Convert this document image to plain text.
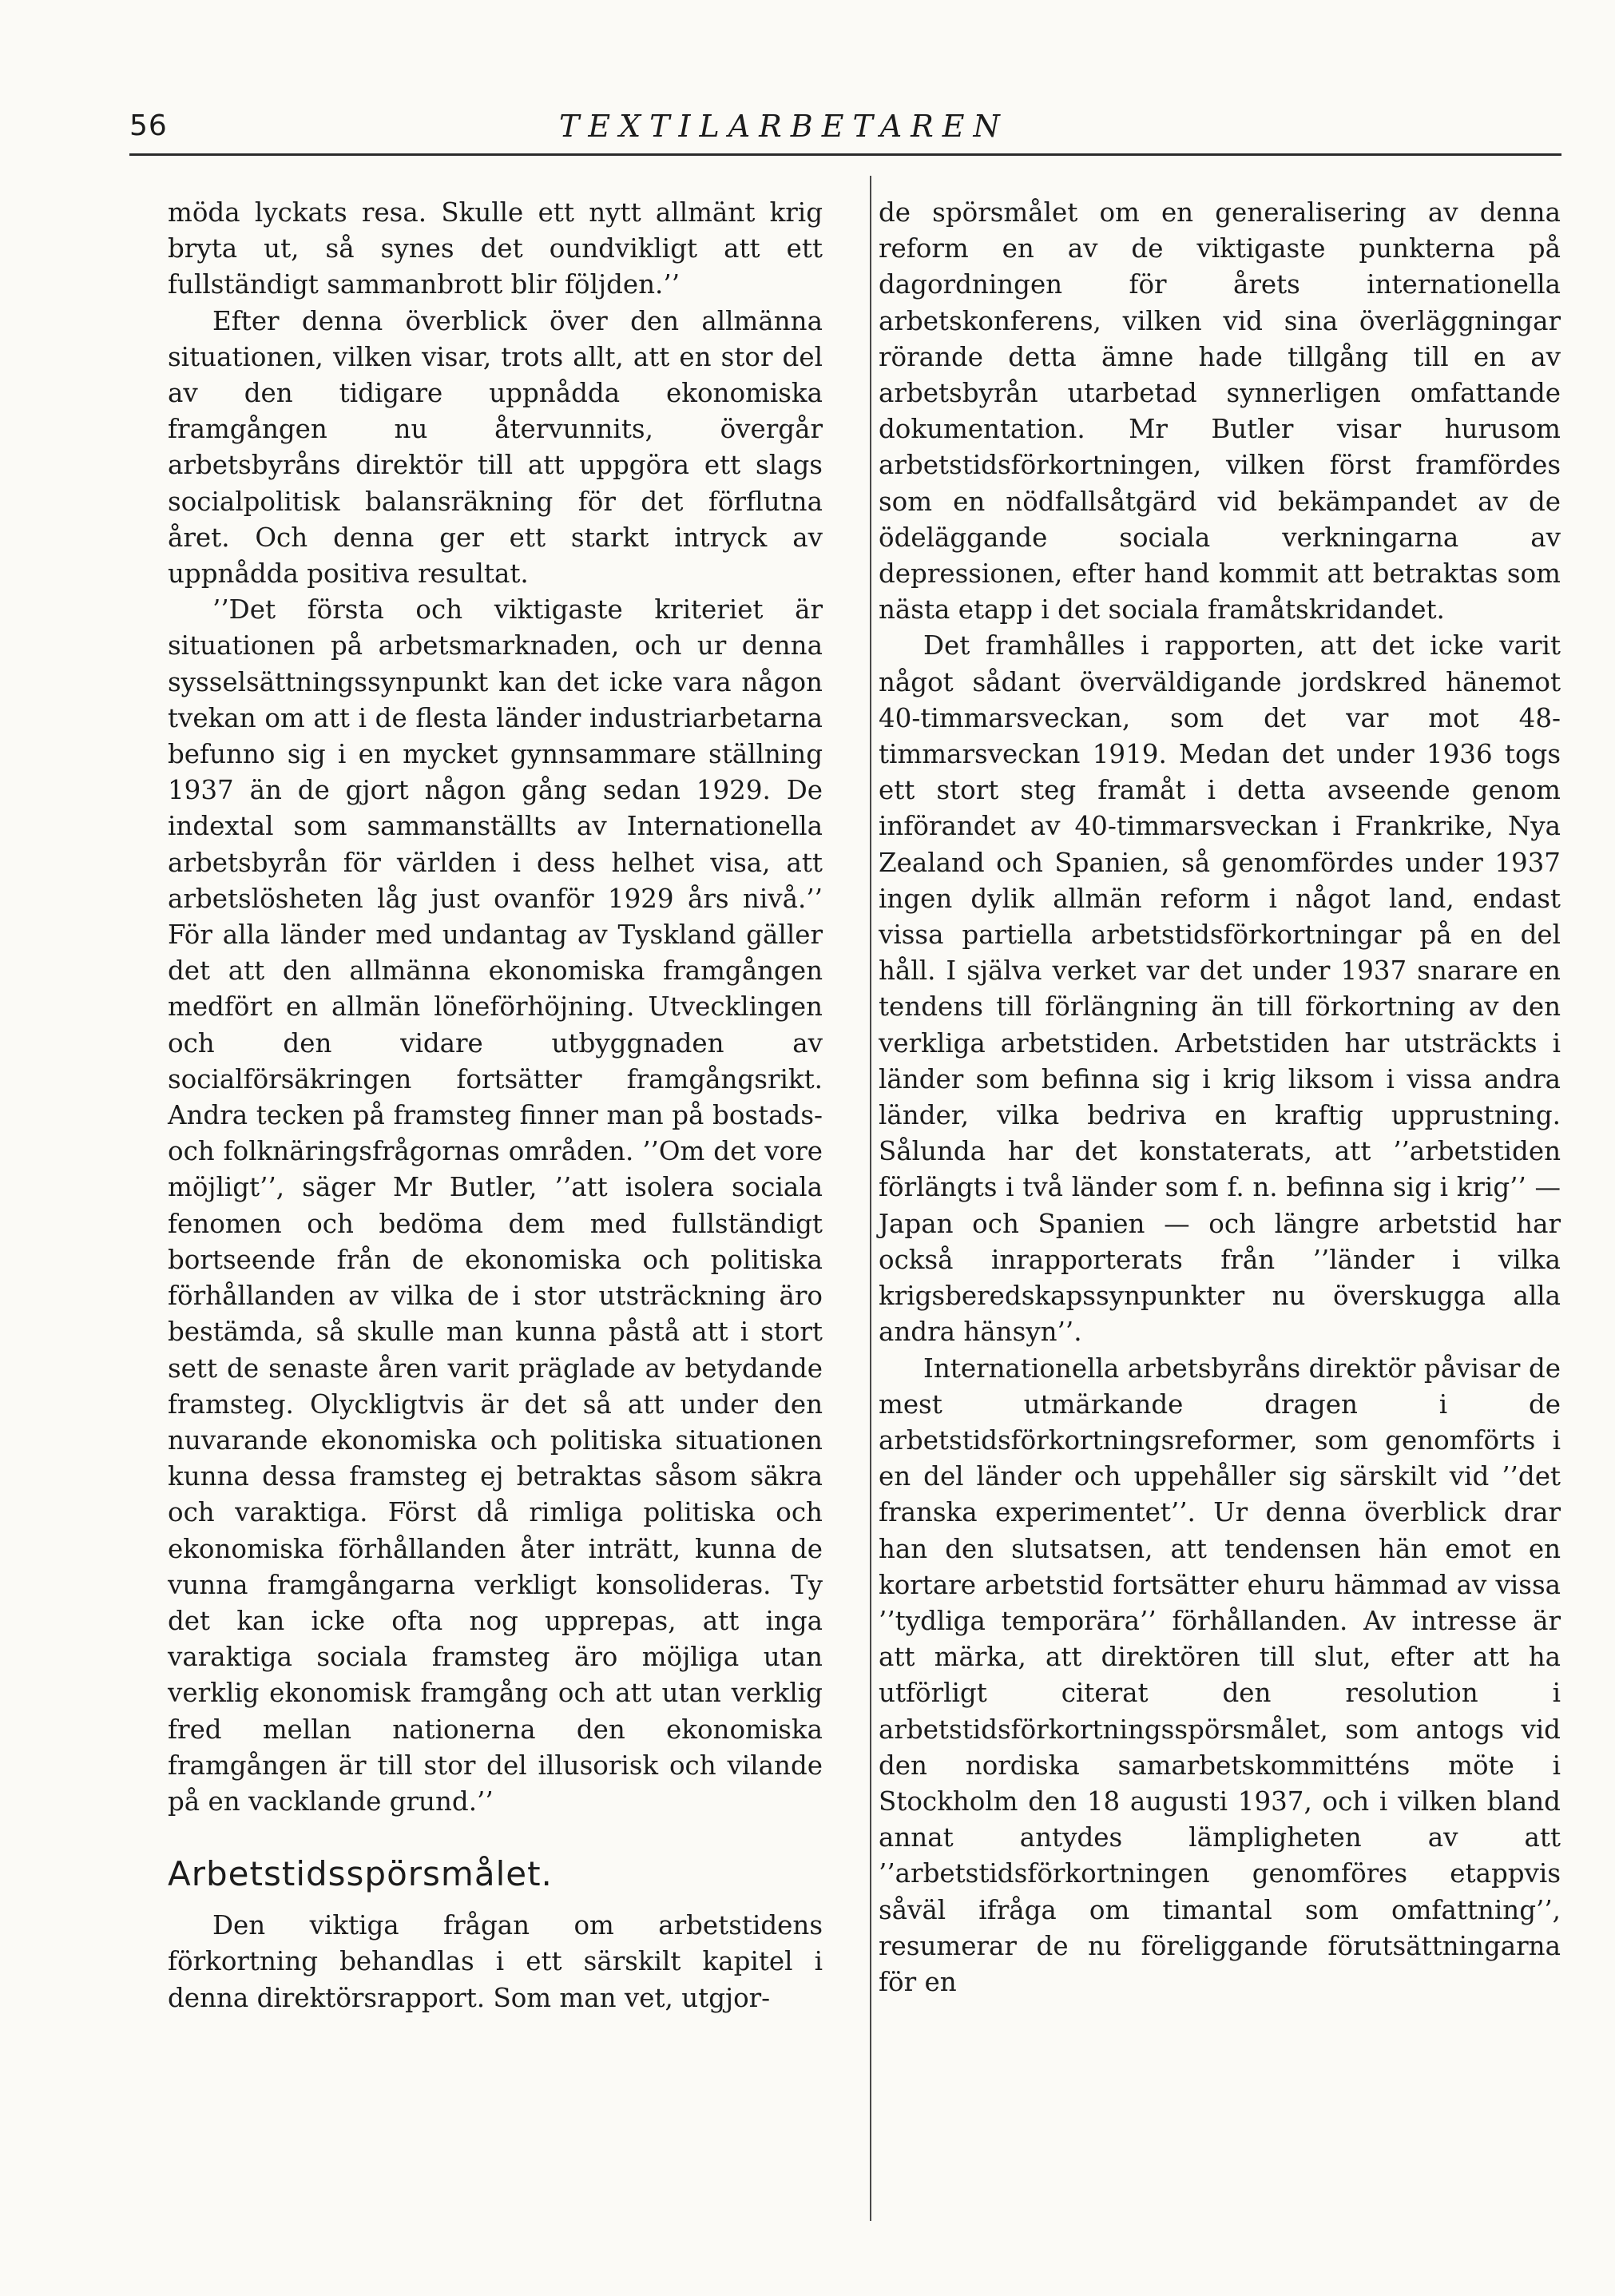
56	TEXTILARBETAREN

möda lyckats resa. Skulle ett nytt allmänt krig bryta ut, så synes det oundvikligt att ett fullständigt sammanbrott blir följden.’’

Efter denna överblick över den allmänna situationen, vilken visar, trots allt, att en stor del av den tidigare uppnådda ekonomiska framgången nu återvunnits, övergår arbetsbyråns direktör till att uppgöra ett slags socialpolitisk balansräkning för det förflutna året. Och denna ger ett starkt intryck av uppnådda positiva resultat.

’’Det första och viktigaste kriteriet är situationen på arbetsmarknaden, och ur denna sysselsättningssynpunkt kan det icke vara någon tvekan om att i de flesta länder industriarbetarna befunno sig i en mycket gynnsammare ställning 1937 än de gjort någon gång sedan 1929. De indextal som sammanställts av Internationella arbetsbyrån för världen i dess helhet visa, att arbetslösheten låg just ovanför 1929 års nivå.’’ För alla länder med undantag av Tyskland gäller det att den allmänna ekonomiska framgången medfört en allmän löneförhöjning. Utvecklingen och den vidare utbyggnaden av socialförsäkringen fortsätter framgångsrikt. Andra tecken på framsteg finner man på bostads- och folknäringsfrågornas områden. ’’Om det vore möjligt’’, säger Mr Butler, ’’att isolera sociala fenomen och bedöma dem med fullständigt bortseende från de ekonomiska och politiska förhållanden av vilka de i stor utsträckning äro bestämda, så skulle man kunna påstå att i stort sett de senaste åren varit präglade av betydande framsteg. Olyckligtvis är det så att under den nuvarande ekonomiska och politiska situationen kunna dessa framsteg ej betraktas såsom säkra och varaktiga. Först då rimliga politiska och ekonomiska förhållanden åter inträtt, kunna de vunna framgångarna verkligt konsolideras. Ty det kan icke ofta nog upprepas, att inga varaktiga sociala framsteg äro möjliga utan verklig ekonomisk framgång och att utan verklig fred mellan nationerna den ekonomiska framgången är till stor del illusorisk och vilande på en vacklande grund.’’

Arbetstidsspörsmålet.

Den viktiga frågan om arbetstidens förkortning behandlas i ett särskilt kapitel i denna direktörsrapport. Som man vet, utgjor-

de spörsmålet om en generalisering av denna reform en av de viktigaste punkterna på dagordningen för årets internationella arbetskonferens, vilken vid sina överläggningar rörande detta ämne hade tillgång till en av arbetsbyrån utarbetad synnerligen omfattande dokumentation. Mr Butler visar hurusom arbetstidsförkortningen, vilken först framfördes som en nödfallsåtgärd vid bekämpandet av de ödeläggande sociala verkningarna av depressionen, efter hand kommit att betraktas som nästa etapp i det sociala framåtskridandet.

Det framhålles i rapporten, att det icke varit något sådant överväldigande jordskred hänemot 40-timmarsveckan, som det var mot 48-timmarsveckan 1919. Medan det under 1936 togs ett stort steg framåt i detta avseende genom införandet av 40-timmarsveckan i Frankrike, Nya Zealand och Spanien, så genomfördes under 1937 ingen dylik allmän reform i något land, endast vissa partiella arbetstidsförkortningar på en del håll. I själva verket var det under 1937 snarare en tendens till förlängning än till förkortning av den verkliga arbetstiden. Arbetstiden har utsträckts i länder som befinna sig i krig liksom i vissa andra länder, vilka bedriva en kraftig upprustning. Sålunda har det konstaterats, att ’’arbetstiden förlängts i två länder som f. n. befinna sig i krig’’ — Japan och Spanien — och längre arbetstid har också inrapporterats från ’’länder i vilka krigsberedskapssynpunkter nu överskugga alla andra hänsyn’’.

Internationella arbetsbyråns direktör påvisar de mest utmärkande dragen i de arbetstidsförkortningsreformer, som genomförts i en del länder och uppehåller sig särskilt vid ’’det franska experimentet’’. Ur denna överblick drar han den slutsatsen, att tendensen hän emot en kortare arbetstid fortsätter ehuru hämmad av vissa ’’tydliga temporära’’ förhållanden. Av intresse är att märka, att direktören till slut, efter att ha utförligt citerat den resolution i arbetstidsförkortningsspörsmålet, som antogs vid den nordiska samarbetskommitténs möte i Stockholm den 18 augusti 1937, och i vilken bland annat antydes lämpligheten av att ’’arbetstidsförkortningen genomföres etappvis såväl ifråga om timantal som omfattning’’, resumerar de nu föreliggande förutsättningarna för en
